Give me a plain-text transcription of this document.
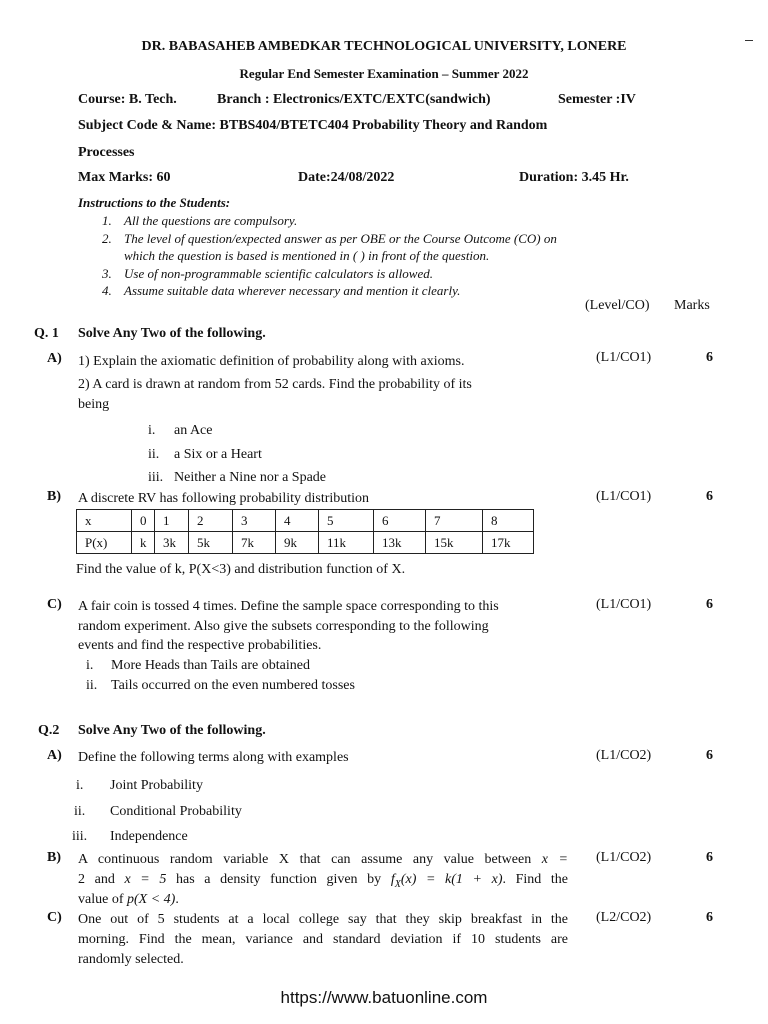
DR. BABASAHEB AMBEDKAR TECHNOLOGICAL UNIVERSITY, LONERE
Regular End Semester Examination – Summer 2022
Course: B. Tech.	Branch : Electronics/EXTC/EXTC(sandwich)	Semester :IV
Subject Code & Name: BTBS404/BTETC404 Probability Theory and Random
Processes
Max Marks: 60	Date:24/08/2022	Duration: 3.45 Hr.
Instructions to the Students:
1. All the questions are compulsory.
2. The level of question/expected answer as per OBE or the Course Outcome (CO) on
which the question is based is mentioned in ( ) in front of the question.
3. Use of non-programmable scientific calculators is allowed.
4. Assume suitable data wherever necessary and mention it clearly.
(Level/CO) Marks
Q. 1 Solve Any Two of the following.
A) 1) Explain the axiomatic definition of probability along with axioms.	(L1/CO1)	6
2) A card is drawn at random from 52 cards. Find the probability of its
being
i. an Ace
ii. a Six or a Heart
iii. Neither a Nine nor a Spade
B) A discrete RV has following probability distribution	(L1/CO1)	6
x	0	1	2	3	4	5	6	7	8
P(x)	k	3k	5k	7k	9k	11k	13k	15k	17k
Find the value of k, P(X<3) and distribution function of X.
C) A fair coin is tossed 4 times. Define the sample space corresponding to this	(L1/CO1)	6
random experiment. Also give the subsets corresponding to the following
events and find the respective probabilities.
i. More Heads than Tails are obtained
ii. Tails occurred on the even numbered tosses
Q.2 Solve Any Two of the following.
A) Define the following terms along with examples	(L1/CO2)	6
i. Joint Probability
ii. Conditional Probability
iii. Independence
B) A continuous random variable X that can assume any value between x =
2 and x = 5 has a density function given by $f_X(x) = k(1 + x)$. Find the
value of p(X < 4).
(L1/CO2)	6
C) One out of 5 students at a local college say that they skip breakfast in the
morning. Find the mean, variance and standard deviation if 10 students are
randomly selected.
(L2/CO2)	6
https://www.batuonline.com
